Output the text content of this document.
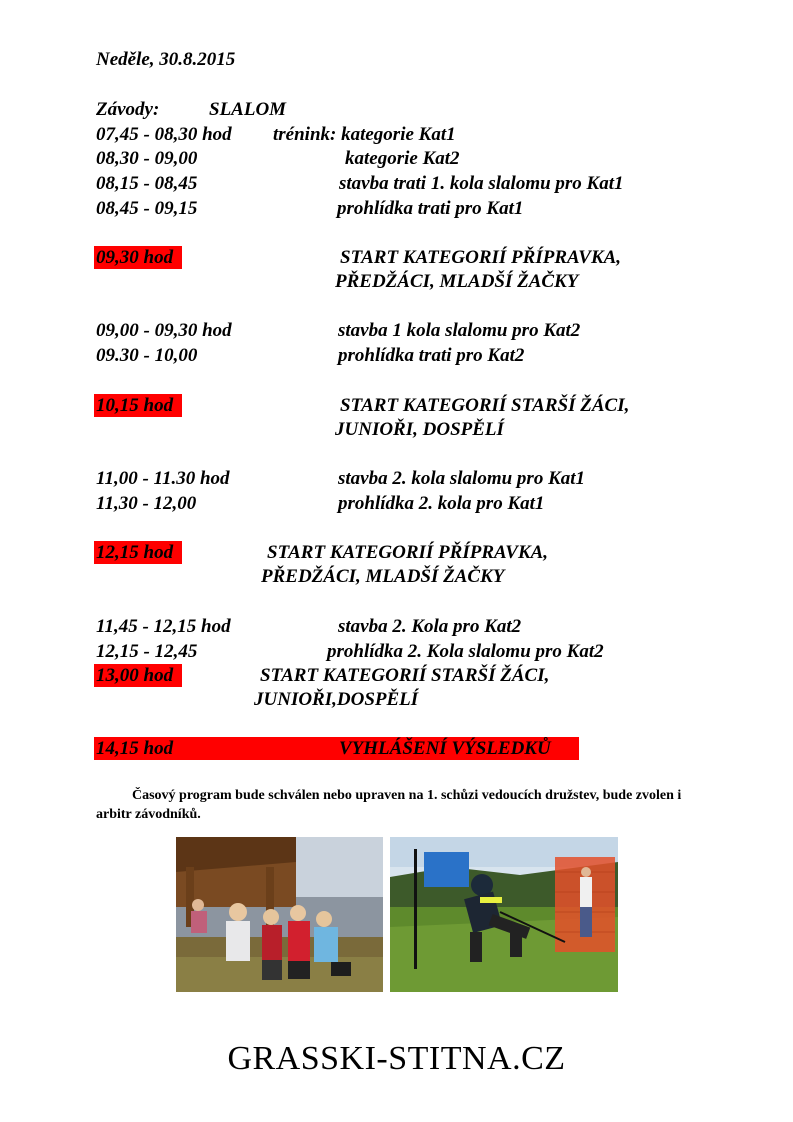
Neděle, 30.8.2015
Závody:	SLALOM
07,45 - 08,30 hod trénink: kategorie Kat1
08,30 - 09,00	kategorie Kat2
08,15 - 08,45	stavba trati 1. kola slalomu pro Kat1
08,45 - 09,15	prohlídka trati pro Kat1
09,30 hod	START KATEGORIÍ PŘÍPRAVKA,
PŘEDŽÁCI, MLADŠÍ ŽAČKY
09,00 - 09,30 hod	stavba 1 kola slalomu pro Kat2
09.30 - 10,00	prohlídka trati pro Kat2
10,15 hod	START KATEGORIÍ STARŠÍ ŽÁCI,
JUNIOŘI, DOSPĚLÍ
11,00 - 11.30 hod	stavba 2. kola slalomu pro Kat1
11,30 - 12,00	prohlídka 2. kola pro Kat1
12,15 hod	START KATEGORIÍ PŘÍPRAVKA,
PŘEDŽÁCI, MLADŠÍ ŽAČKY
11,45 - 12,15 hod	stavba 2. Kola pro Kat2
12,15 - 12,45	prohlídka 2. Kola slalomu pro Kat2
13,00 hod	START KATEGORIÍ STARŠÍ ŽÁCI,
JUNIOŘI,DOSPĚLÍ
14,15 hod	VYHLÁŠENÍ VÝSLEDKŮ
Časový program bude schválen nebo upraven na 1. schůzi vedoucích družstev, bude zvolen i arbitr závodníků.
GRASSKI-STITNA.CZ
